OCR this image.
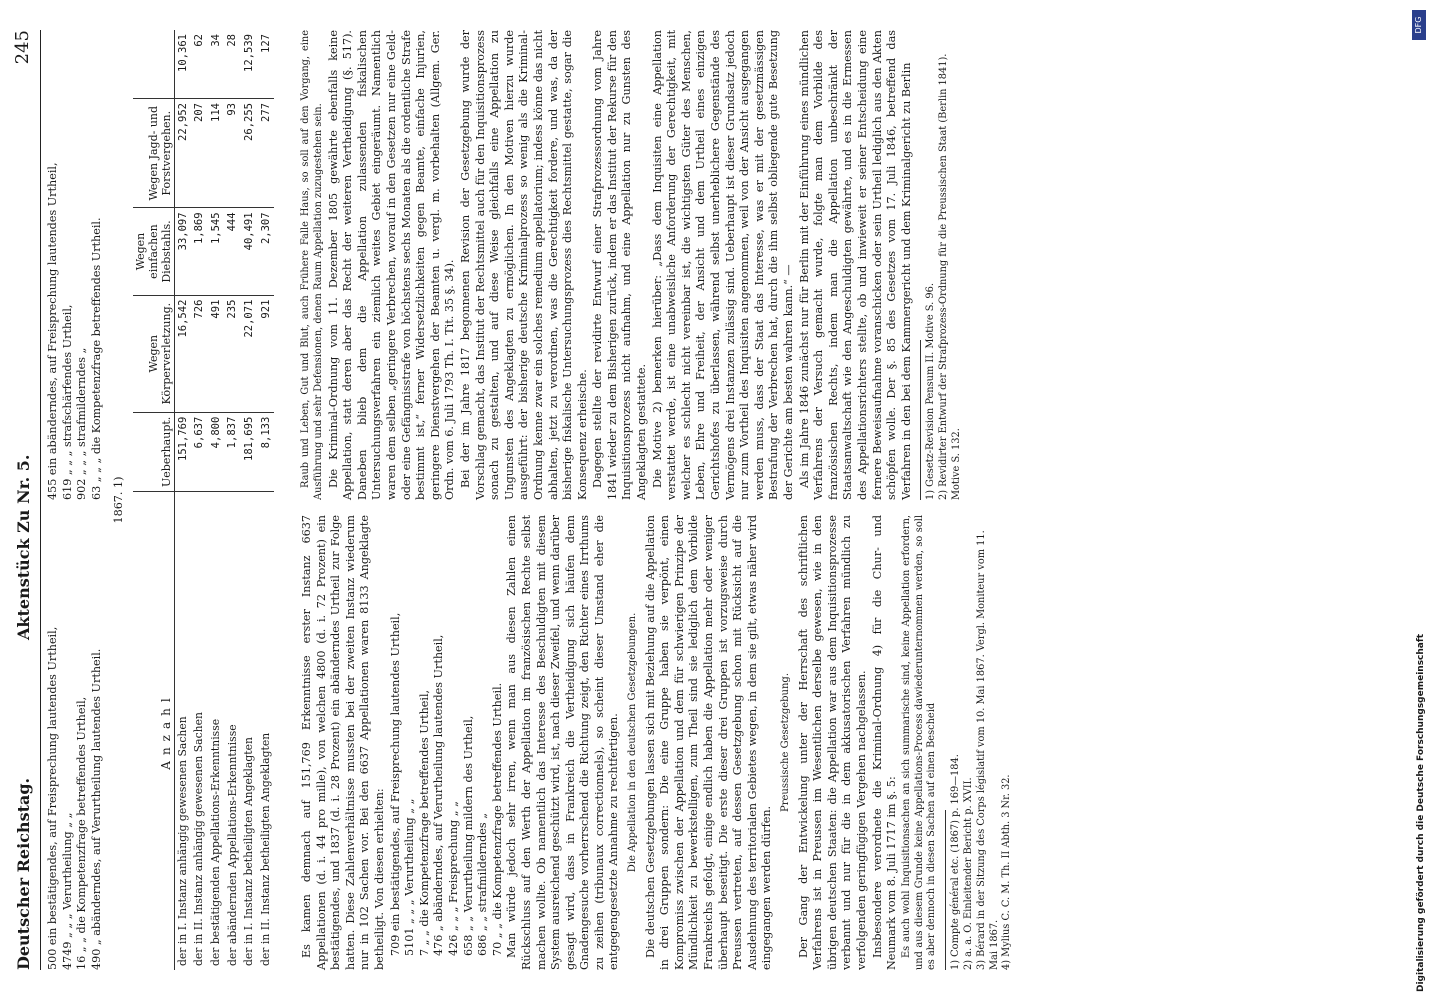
Deutscher Reichstag.
Aktenstück Zu Nr. 5.
245
500 ein bestätigendes, auf Freisprechung lautendes Urtheil, 4749 „ „ „ Verurtheilung „ „ 16 „ „ die Kompetenzfrage betreffendes Urtheil, 490 „ abänderndes, auf Verurtheilung lautendes Urtheil.
455 ein abänderndes, auf Freisprechung lautendes Urtheil, 619 „ „ „ strafschärfendes Urtheil, 902 „ „ „ strafmilderndes „ 63 „ „ „ die Kompetenzfrage betreffendes Urtheil.
1867. 1)
Anzahl	Ueberhaupt.	Wegen Körperverletzung.	Wegen einfachen Diebstahls.	Wegen Jagd- und Forstvergehen.	
der in I. Instanz anhängig gewesenen Sachen	151,769	16,542	33,097	22,952	10,361
der in II. Instanz anhängig gewesenen Sachen	6,637	726	1,869	207	62
der bestätigenden Appellations-Erkenntnisse	4,800	491	1,545	114	34
der abändernden Appellations-Erkenntnisse	1,837	235	444	93	28
der in I. Instanz betheiligten Angeklagten	181,695	22,071	40,491	26,255	12,539
der in II. Instanz betheiligten Angeklagten	8,133	921	2,307	277	127

Es kamen demnach auf 151,769 Erkenntnisse erster Instanz 6637 Appellationen (d. i. 44 pro mille), von welchen 4800 (d. i. 72 Prozent) ein bestätigendes, und 1837 (d. i. 28 Prozent) ein abänderndes Urtheil zur Folge hatten. Diese Zahlenverhältnisse mussten bei der zweiten Instanz wiederum nur in 102 Sachen vor. Bei den 6637 Appellationen waren 8133 Angeklagte betheiligt. Von diesen erhielten: 709 ein bestätigendes, auf Freisprechung lautendes Urtheil, 5101 „ „ „ Verurtheilung „ „ 7 „ „ die Kompetenzfrage betreffendes Urtheil, 476 „ abänderndes, auf Verurtheilung lautendes Urtheil, 426 „ „ „ Freisprechung „ „ 658 „ „ Verurtheilung mildern des Urtheil, 686 „ „ strafmilderndes „ 70 „ „ die Kompetenzfrage betreffendes Urtheil. Man würde jedoch sehr irren, wenn man aus diesen Zahlen einen Rückschluss auf den Werth der Appellation im französischen Rechte selbst machen wollte. Ob namentlich das Interesse des Beschuldigten mit diesem System ausreichend geschützt wird, ist, nach dieser Zweifel, und wenn darüber gesagt wird, dass in Frankreich die Vertheidigung sich häufen denn Gnadengesuche vorherrschend die Richtung zeigt, den Richter eines Irrthums zu zeihen (tribunaux correctionnels), so scheint dieser Umstand eher die entgegengesetzte Annahme zu rechtfertigen. Die Appellation in den deutschen Gesetzgebungen. Die deutschen Gesetzgebungen lassen sich mit Beziehung auf die Appellation in drei Gruppen sondern: Die eine Gruppe haben sie verpönt, einen Kompromiss zwischen der Appellation und dem für schwierigen Prinzipe der Mündlichkeit zu bewerkstelligen, zum Theil sind sie lediglich dem Vorbilde Frankreichs gefolgt, einige endlich haben die Appellation mehr oder weniger überhaupt beseitigt. Die erste dieser drei Gruppen ist vorzugsweise durch Preussen vertreten, auf dessen Gesetzgebung schon mit Rücksicht auf die Ausdehnung des territorialen Gebietes wegen, in dem sie gilt, etwas näher wird eingegangen werden dürfen.

Preussische Gesetzgebung. Der Gang der Entwickelung unter der Herrschaft des schriftlichen Verfahrens ist in Preussen im Wesentlichen derselbe gewesen, wie in den übrigen deutschen Staaten: die Appellation war aus dem Inquisitionsprozesse verbannt und nur für die in dem akkusatorischen Verfahren mündlich zu verfolgenden geringfügigen Vergehen nachgelassen. Insbesondere verordnete die Kriminal-Ordnung 4) für die Chur- und Neumark vom 8. Juli 1717 im §. 5: Es auch wohl Inquisitionsachen an sich summarische sind, keine Appellation erfordern, und aus diesem Grunde keine Appellations-Process dawiederunternommen werden, so soll es aber dennoch in diesen Sachen auf einen Bescheid 1) Compte général etc. (1867) p. 169—184. 2) a. a. O. Einleitender Bericht p. XVII. 3) Bérard in der Sitzung des Corps législatif vom 10. Mai 1867. Vergl. Moniteur vom 11. Mai 1867. 4) Mylius C. C. M. Th. II Abth. 3 Nr. 32.

Raub und Leben, Gut und Blut, auch Frühere Falle Haus, so soll auf den Vorgang, eine Ausführung und sehr Defensionen, denen Raum Appellation zuzugestehen sein. Die Kriminal-Ordnung vom 11. Dezember 1805 gewährte ebenfalls keine Appellation, statt deren aber das Recht der weiteren Vertheidigung (§. 517). Daneben blieb dem die Appellation zulassenden fiskalischen Untersuchungsverfahren ein ziemlich weites Gebiet eingeräumt. Namentlich waren dem selben „geringere Verbrechen, worauf in den Gesetzen nur eine Geld- oder eine Gefängnisstrafe von höchstens sechs Monaten als die ordentliche Strafe bestimmt ist,“ ferner Widersetzlichkeiten gegen Beamte, einfache Injurien, geringere Dienstvergehen der Beamten u. vergl. m. vorbehalten (Allgem. Ger. Ordn. vom 6. Juli 1793 Th. I. Tit. 35 §. 34). Bei der im Jahre 1817 begonnenen Revision der Gesetzgebung wurde der Vorschlag gemacht, das Institut der Rechtsmittel auch für den Inquisitionsprozess sonach zu gestalten, und auf diese Weise gleichfalls eine Appellation zu Ungunsten des Angeklagten zu ermöglichen. In den Motiven hierzu wurde ausgeführt: der bisherige deutsche Kriminalprozess so wenig als die Kriminal-Ordnung kenne zwar ein solches remedium appellatorium; indess könne das nicht abhalten, jetzt zu verordnen, was die Gerechtigkeit fordere, und was, da der bisherige fiskalische Untersuchungsprozess dies Rechtsmittel gestatte, sogar die Konsequenz erheische. Dagegen stellte der revidirte Entwurf einer Strafprozessordnung vom Jahre 1841 wieder zu dem Bisherigen zurück, indem er das Institut der Rekurse für den Inquisitionsprozess nicht aufnahm, und eine Appellation nur zu Gunsten des Angeklagten gestattete. Die Motive 2) bemerken hierüber: „Dass dem Inquisiten eine Appellation verstattet werde, ist eine unabweisliche Anforderung der Gerechtigkeit, mit welcher es schlecht nicht vereinbar ist, die wichtigsten Güter des Menschen, Leben, Ehre und Freiheit, der Ansicht und dem Urtheil eines einzigen Gerichtshofes zu überlassen, während selbst unerheblichere Gegenstände des Vermögens drei Instanzen zulässig sind. Ueberhaupt ist dieser Grundsatz jedoch nur zum Vortheil des Inquisiten angenommen, weil von der Ansicht ausgegangen werden muss, dass der Staat das Interesse, was er mit der gesetzmässigen Bestrafung der Verbrechen hat, durch die ihm selbst obliegende gute Besetzung der Gerichte am besten wahren kann.“ — Als im Jahre 1846 zunächst nur für Berlin mit der Einführung eines mündlichen Verfahrens der Versuch gemacht wurde, folgte man dem Vorbilde des französischen Rechts, indem man die Appellation unbeschränkt der Staatsanwaltschaft wie den Angeschuldigten gewährte, und es in die Ermessen des Appellationsrichters stellte, ob und inwieweit er seiner Entscheidung eine fernere Beweisaufnahme voranschicken oder sein Urtheil lediglich aus den Akten schöpfen wolle. Der §. 85 des Gesetzes vom 17. Juli 1846, betreffend das Verfahren in den bei dem Kammergericht und dem Kriminalgericht zu Berlin 1) Gesetz-Revision Pensum II. Motive S. 96. 2) Revidirter Entwurf der Strafprozess-Ordnung für die Preussischen Staat (Berlin 1841). Motive S. 132.
Digitalisierung gefördert durch die Deutsche Forschungsgemeinschaft
DFG
